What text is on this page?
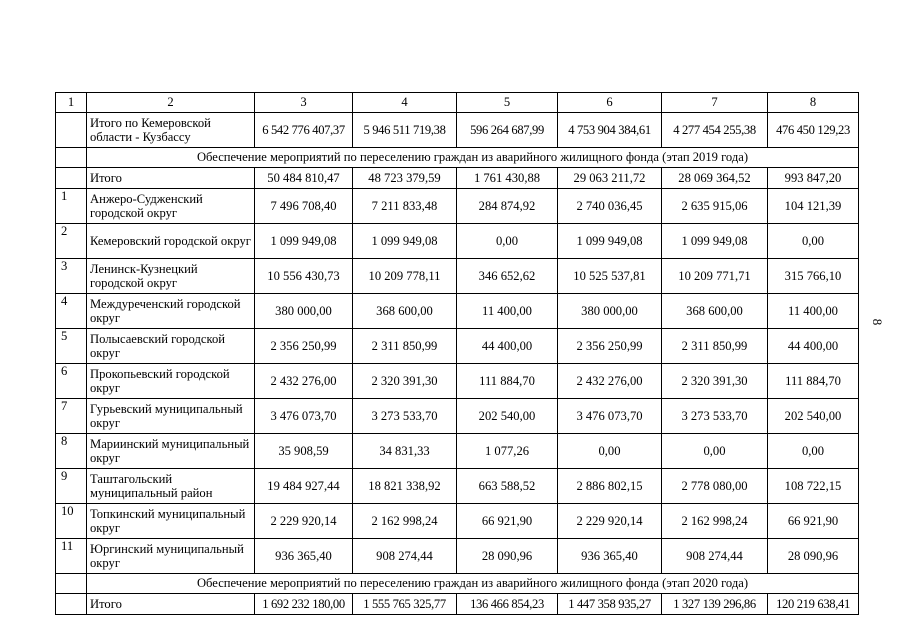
8
1	2	3	4	5	6	7	8
	Итого по Кемеровской области - Кузбассу	6 542 776 407,37	5 946 511 719,38	596 264 687,99	4 753 904 384,61	4 277 454 255,38	476 450 129,23
	Обеспечение мероприятий по переселению граждан из аварийного жилищного фонда (этап 2019 года)						
	Итого	50 484 810,47	48 723 379,59	1 761 430,88	29 063 211,72	28 069 364,52	993 847,20
1	Анжеро-Судженский городской округ	7 496 708,40	7 211 833,48	284 874,92	2 740 036,45	2 635 915,06	104 121,39
2	Кемеровский городской округ	1 099 949,08	1 099 949,08	0,00	1 099 949,08	1 099 949,08	0,00
3	Ленинск-Кузнецкий городской округ	10 556 430,73	10 209 778,11	346 652,62	10 525 537,81	10 209 771,71	315 766,10
4	Междуреченский городской округ	380 000,00	368 600,00	11 400,00	380 000,00	368 600,00	11 400,00
5	Полысаевский городской округ	2 356 250,99	2 311 850,99	44 400,00	2 356 250,99	2 311 850,99	44 400,00
6	Прокопьевский городской округ	2 432 276,00	2 320 391,30	111 884,70	2 432 276,00	2 320 391,30	111 884,70
7	Гурьевский муниципальный округ	3 476 073,70	3 273 533,70	202 540,00	3 476 073,70	3 273 533,70	202 540,00
8	Мариинский муниципальный округ	35 908,59	34 831,33	1 077,26	0,00	0,00	0,00
9	Таштагольский муниципальный район	19 484 927,44	18 821 338,92	663 588,52	2 886 802,15	2 778 080,00	108 722,15
10	Топкинский муниципальный округ	2 229 920,14	2 162 998,24	66 921,90	2 229 920,14	2 162 998,24	66 921,90
11	Юргинский муниципальный округ	936 365,40	908 274,44	28 090,96	936 365,40	908 274,44	28 090,96
	Обеспечение мероприятий по переселению граждан из аварийного жилищного фонда (этап 2020 года)						
	Итого	1 692 232 180,00	1 555 765 325,77	136 466 854,23	1 447 358 935,27	1 327 139 296,86	120 219 638,41
